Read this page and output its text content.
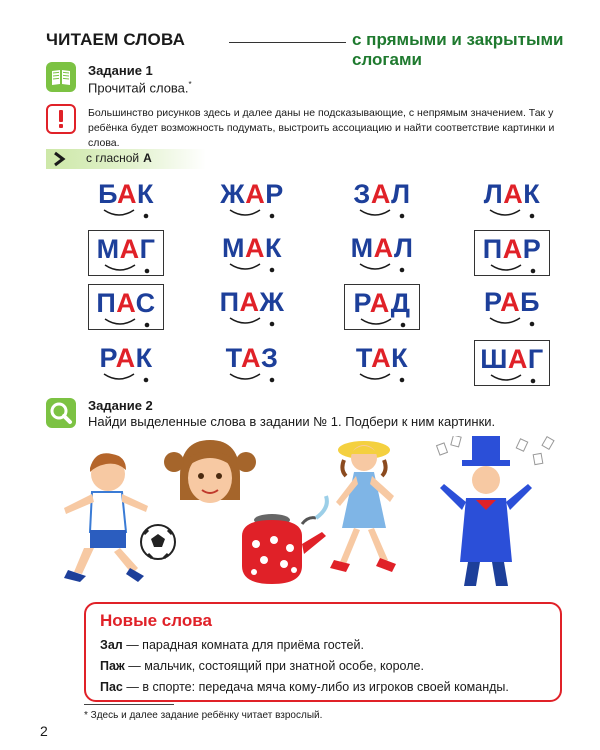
ЧИТАЕМ СЛОВА	с прямыми и закрытыми слогами
Задание 1
Прочитай слова.*
Большинство рисунков здесь и далее даны не подсказывающие, с непрямым значением. Так у ребёнка будет возможность подумать, выстроить ассоциацию и найти соответствие картинки и слова.
с гласной А
БАК	ЖАР	ЗАЛ	ЛАК
МАГ МАК	МАЛ	ПАР
ПАС ПАЖ	РАД	РАБ
РАК	ТАЗ	ТАК	ШАГ
Задание 2
Найди выделенные слова в задании № 1. Подбери к ним картинки.
Новые слова
Зал — парадная комната для приёма гостей.
Паж — мальчик, состоящий при знатной особе, короле.
Пас — в спорте: передача мяча кому-либо из игроков своей команды.
* Здесь и далее задание ребёнку читает взрослый.
2
